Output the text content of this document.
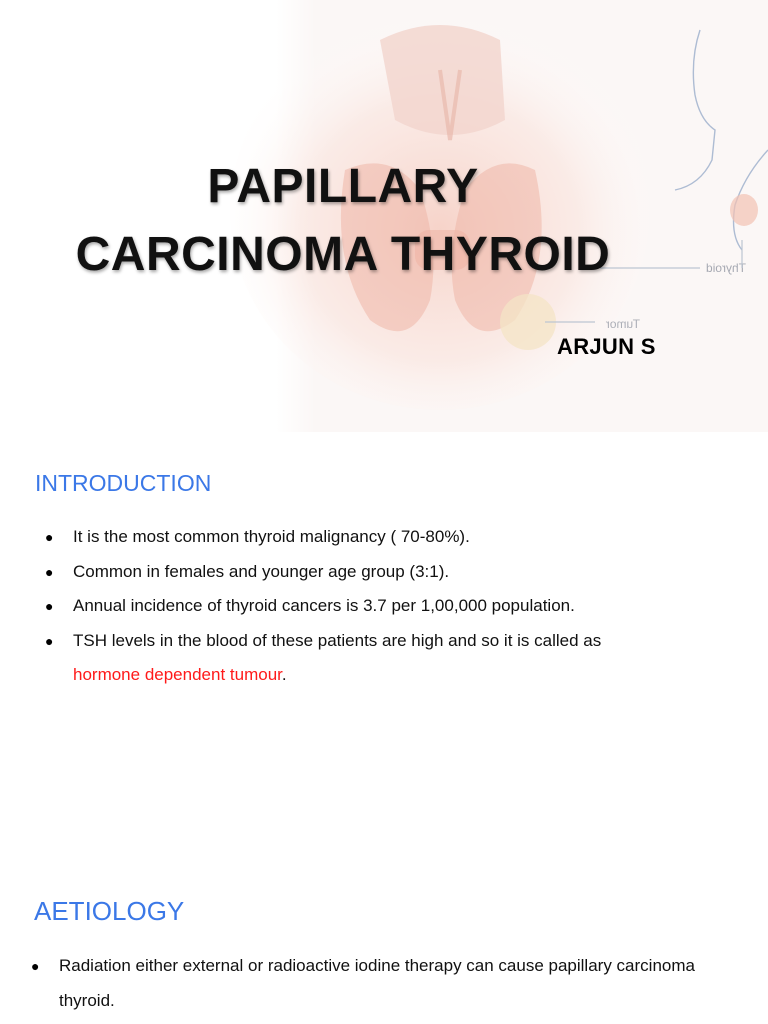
Thyroid
Tumor
PAPILLARY
CARCINOMA THYROID
ARJUN S
INTRODUCTION
● It is the most common thyroid malignancy ( 70-80%).
● Common in females and younger age group (3:1).
● Annual incidence of thyroid cancers is 3.7 per 1,00,000 population.
● TSH levels in the blood of these patients are high and so it is called as
hormone dependent tumour.
AETIOLOGY
● Radiation either external or radioactive iodine therapy can cause papillary carcinoma thyroid.
